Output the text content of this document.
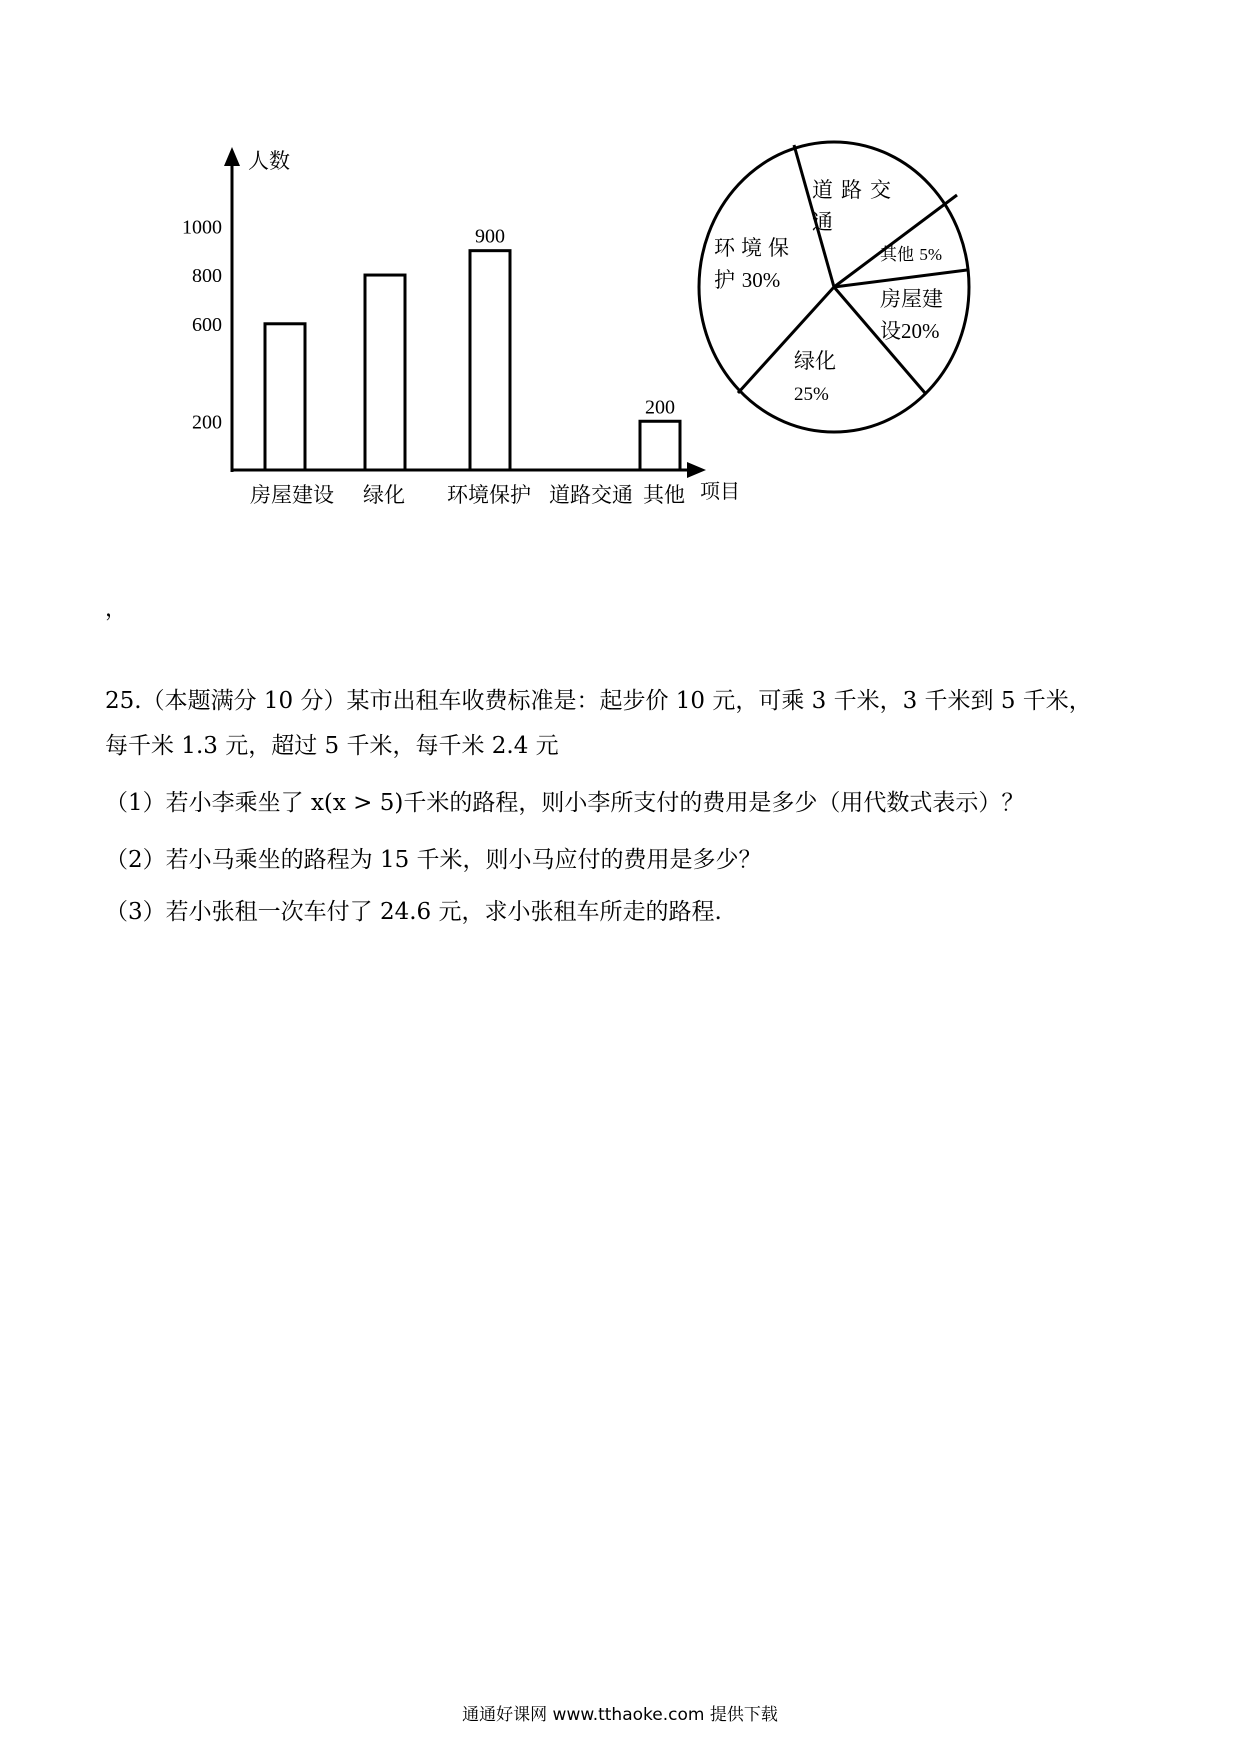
人数
项目
200
600
800
1000	900
200
房屋建设 绿化 环境保护 道路交通 其他
道路交
通
其他 5%
房屋建
设20%
绿化
25%
环境保
护 30%
，
25.（本题满分 10 分）某市出租车收费标准是：起步价 10 元，可乘 3 千米，3 千米到 5 千米，
每千米 1.3 元，超过 5 千米，每千米 2.4 元
（1）若小李乘坐了 x(x > 5)千米的路程，则小李所支付的费用是多少（用代数式表示）？
（2）若小马乘坐的路程为 15 千米，则小马应付的费用是多少？
（3）若小张租一次车付了 24.6 元，求小张租车所走的路程.
通通好课网 www.tthaoke.com 提供下载
